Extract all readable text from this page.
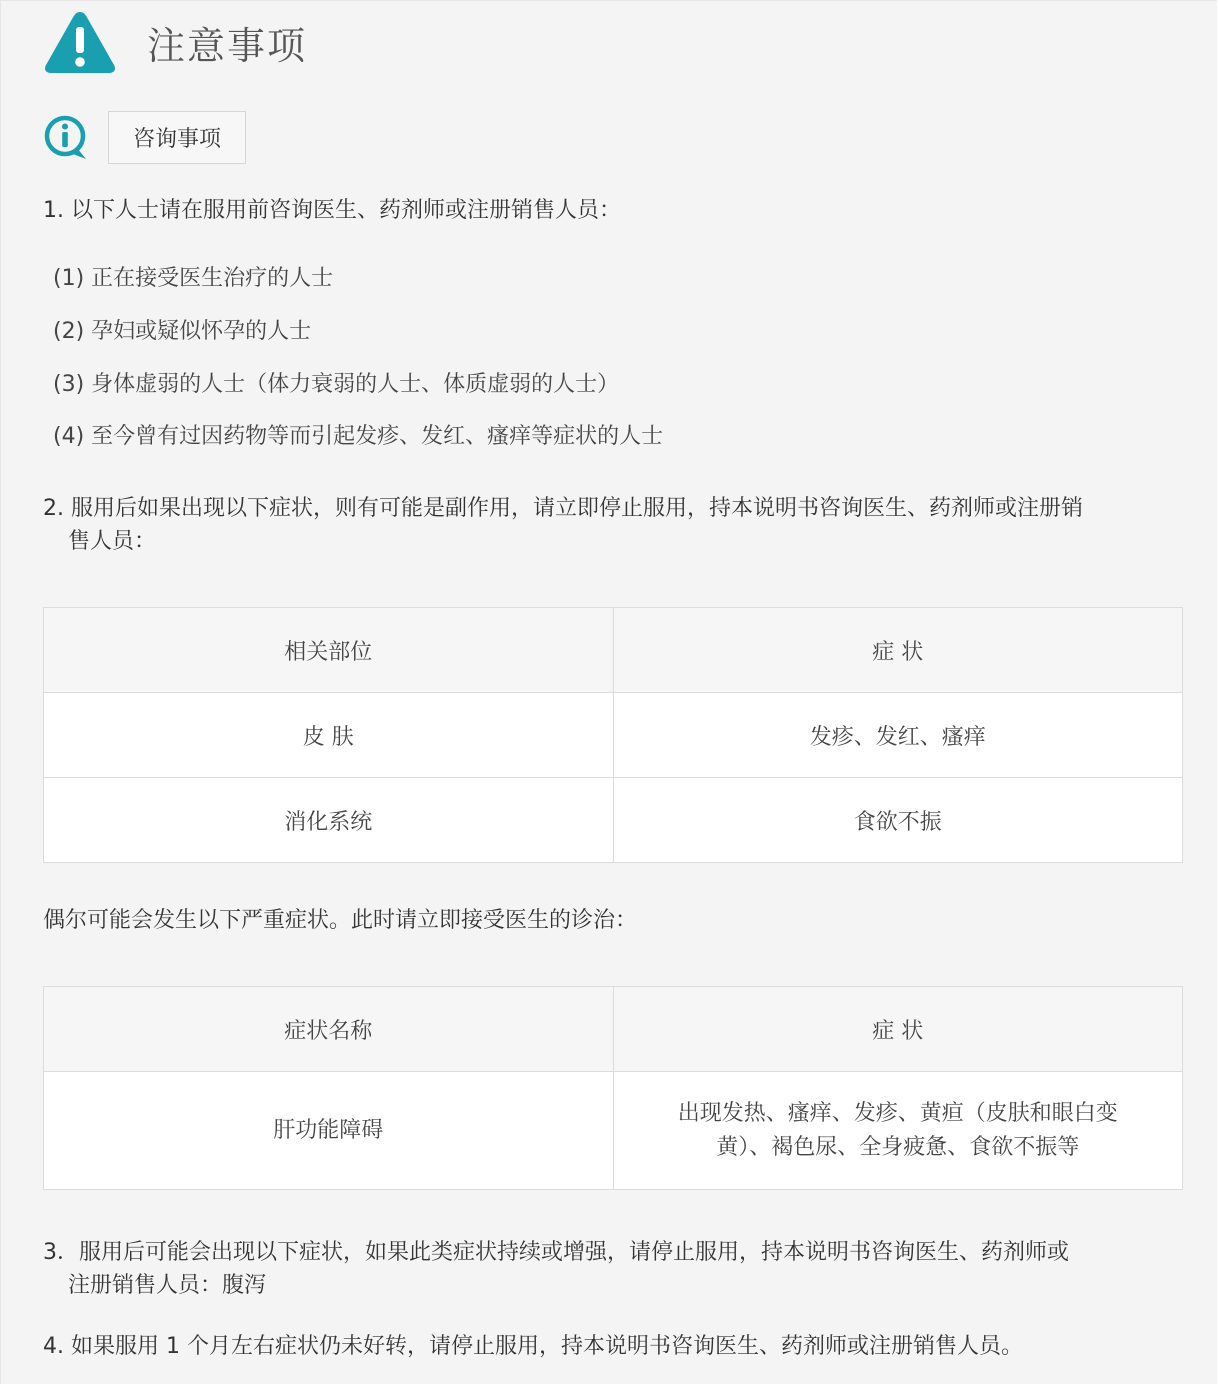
注意事项
咨询事项
1. 以下人士请在服用前咨询医生、药剂师或注册销售人员：
(1) 正在接受医生治疗的人士
(2) 孕妇或疑似怀孕的人士
(3) 身体虚弱的人士（体力衰弱的人士、体质虚弱的人士）
(4) 至今曾有过因药物等而引起发疹、发红、瘙痒等症状的人士
2. 服用后如果出现以下症状，则有可能是副作用，请立即停止服用，持本说明书咨询医生、药剂师或注册销
售人员：
相关部位	症 状
皮 肤	发疹、发红、瘙痒
消化系统	食欲不振
偶尔可能会发生以下严重症状。此时请立即接受医生的诊治：
症状名称	症 状
肝功能障碍	出现发热、瘙痒、发疹、黄疸（皮肤和眼白变黄）、褐色尿、全身疲惫、食欲不振等
3．服用后可能会出现以下症状，如果此类症状持续或增强，请停止服用，持本说明书咨询医生、药剂师或
注册销售人员：腹泻
4. 如果服用 1 个月左右症状仍未好转，请停止服用，持本说明书咨询医生、药剂师或注册销售人员。
